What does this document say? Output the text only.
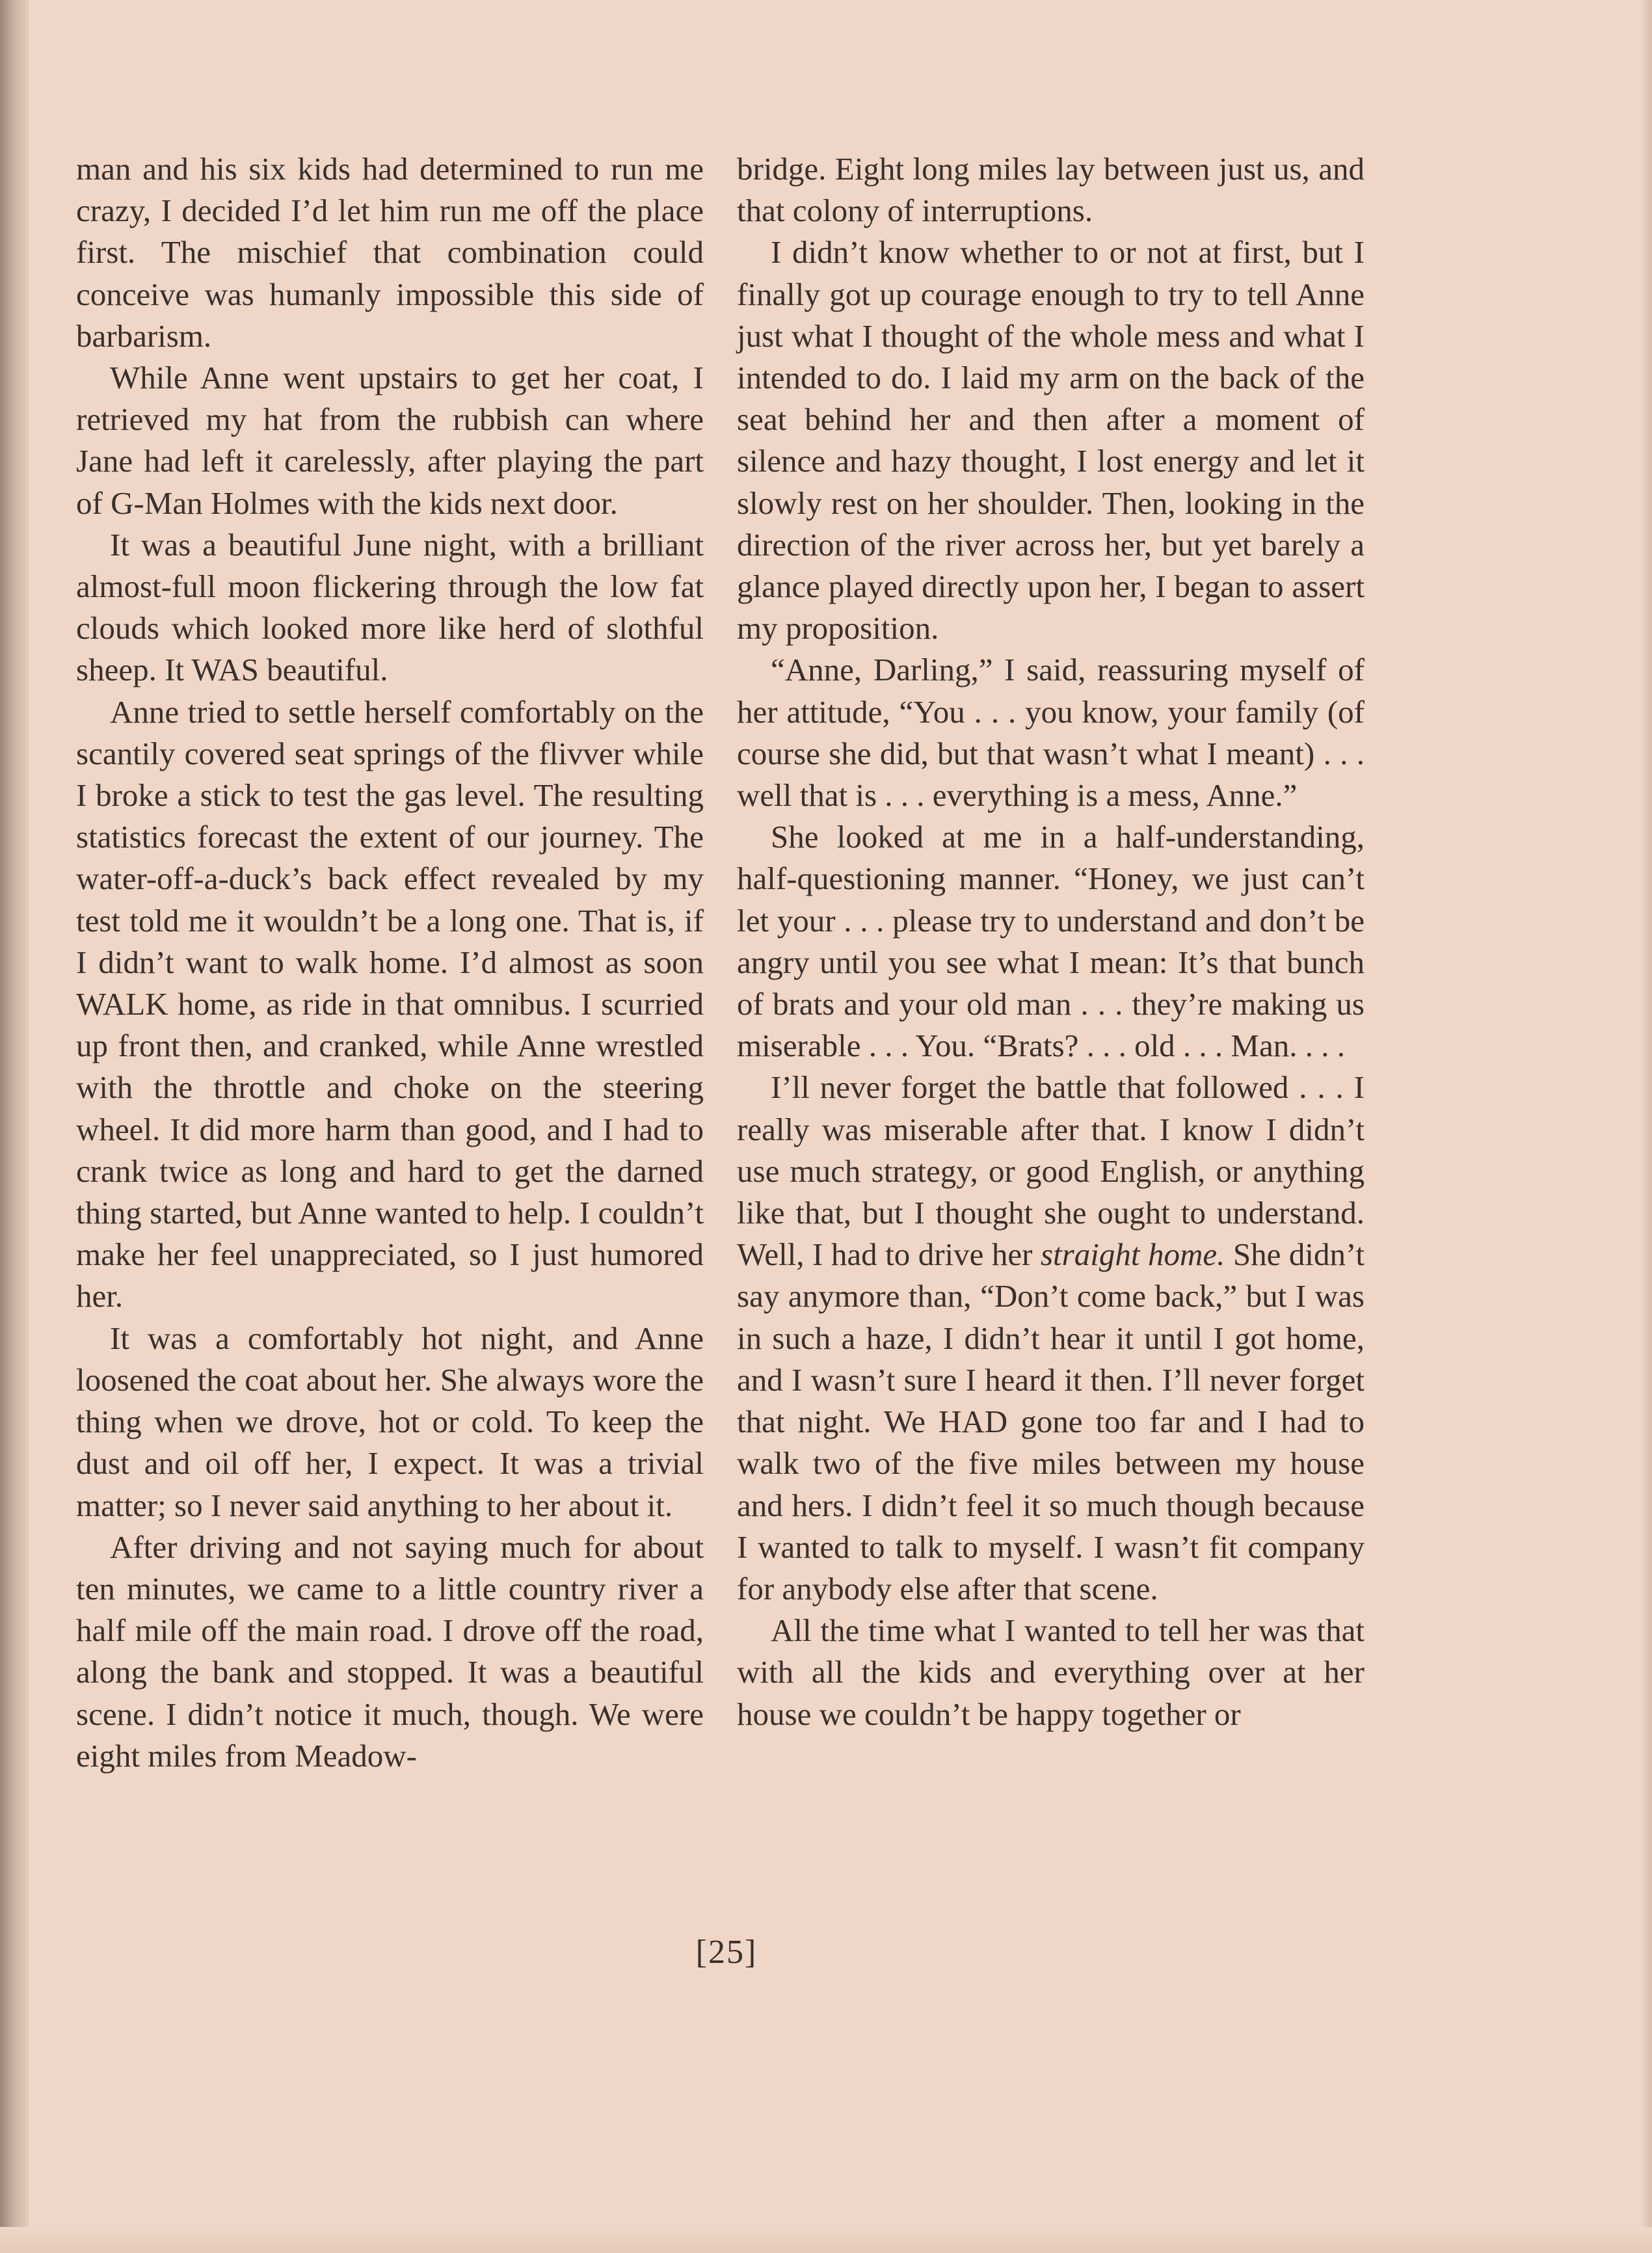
man and his six kids had determined to run me crazy, I decided I’d let him run me off the place first. The mischief that combination could conceive was humanly impossible this side of barbarism.

While Anne went upstairs to get her coat, I retrieved my hat from the rubbish can where Jane had left it carelessly, after playing the part of G-Man Holmes with the kids next door.

It was a beautiful June night, with a brilliant almost-full moon flickering through the low fat clouds which looked more like herd of slothful sheep. It WAS beautiful.

Anne tried to settle herself comfortably on the scantily covered seat springs of the flivver while I broke a stick to test the gas level. The resulting statistics forecast the extent of our journey. The water-off-a-duck’s back effect revealed by my test told me it wouldn’t be a long one. That is, if I didn’t want to walk home. I’d almost as soon WALK home, as ride in that omnibus. I scurried up front then, and cranked, while Anne wrestled with the throttle and choke on the steering wheel. It did more harm than good, and I had to crank twice as long and hard to get the darned thing started, but Anne wanted to help. I couldn’t make her feel unappreciated, so I just humored her.

It was a comfortably hot night, and Anne loosened the coat about her. She always wore the thing when we drove, hot or cold. To keep the dust and oil off her, I expect. It was a trivial matter; so I never said anything to her about it.

After driving and not saying much for about ten minutes, we came to a little country river a half mile off the main road. I drove off the road, along the bank and stopped. It was a beautiful scene. I didn’t notice it much, though. We were eight miles from Meadow-

bridge. Eight long miles lay between just us, and that colony of interruptions.

I didn’t know whether to or not at first, but I finally got up courage enough to try to tell Anne just what I thought of the whole mess and what I intended to do. I laid my arm on the back of the seat behind her and then after a moment of silence and hazy thought, I lost energy and let it slowly rest on her shoulder. Then, looking in the direction of the river across her, but yet barely a glance played directly upon her, I began to assert my proposition.

“Anne, Darling,” I said, reassuring myself of her attitude, “You . . . you know, your family (of course she did, but that wasn’t what I meant) . . . well that is . . . everything is a mess, Anne.”

She looked at me in a half-understanding, half-questioning manner. “Honey, we just can’t let your . . . please try to understand and don’t be angry until you see what I mean: It’s that bunch of brats and your old man . . . they’re making us miserable . . . You. “Brats? . . . old . . . Man. . . .

I’ll never forget the battle that followed . . . I really was miserable after that. I know I didn’t use much strategy, or good English, or anything like that, but I thought she ought to understand. Well, I had to drive her straight home. She didn’t say anymore than, “Don’t come back,” but I was in such a haze, I didn’t hear it until I got home, and I wasn’t sure I heard it then. I’ll never forget that night. We HAD gone too far and I had to walk two of the five miles between my house and hers. I didn’t feel it so much though because I wanted to talk to myself. I wasn’t fit company for anybody else after that scene.

All the time what I wanted to tell her was that with all the kids and everything over at her house we couldn’t be happy together or

[25]
